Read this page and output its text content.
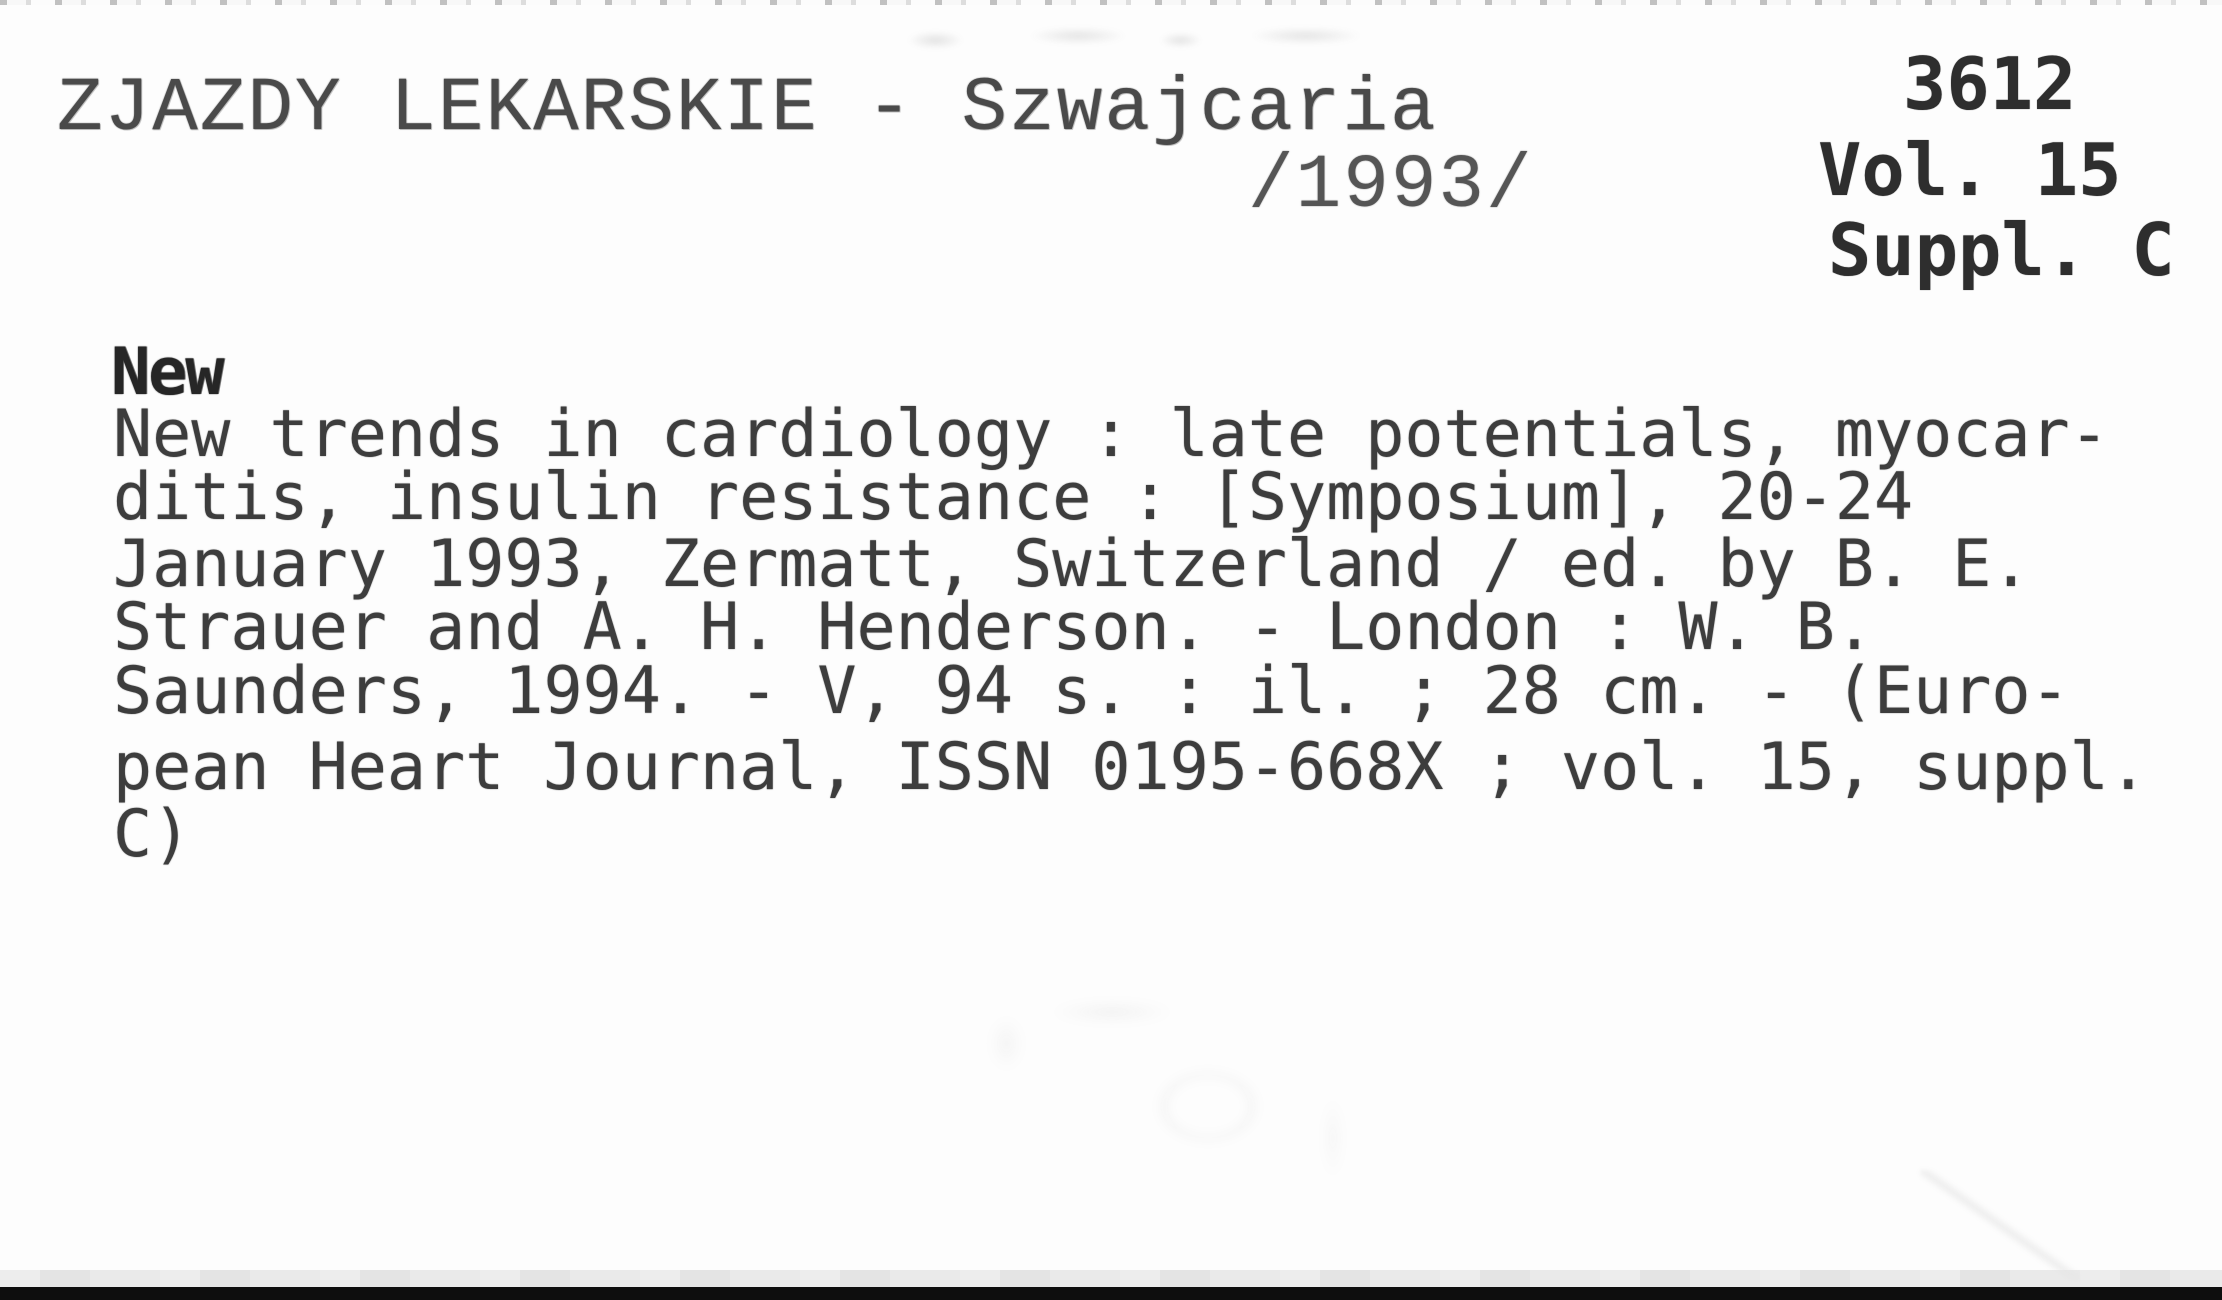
ZJAZDY LEKARSKIE - Szwajcaria
/1993/
3612
Vol. 15
Suppl. C
New
New trends in cardiology : late potentials, myocar-
ditis, insulin resistance : [Symposium], 20-24
January 1993, Zermatt, Switzerland / ed. by B. E.
Strauer and A. H. Henderson. - London : W. B.
Saunders, 1994. - V, 94 s. : il. ; 28 cm. - (Euro-
pean Heart Journal, ISSN 0195-668X ; vol. 15, suppl.
C)
